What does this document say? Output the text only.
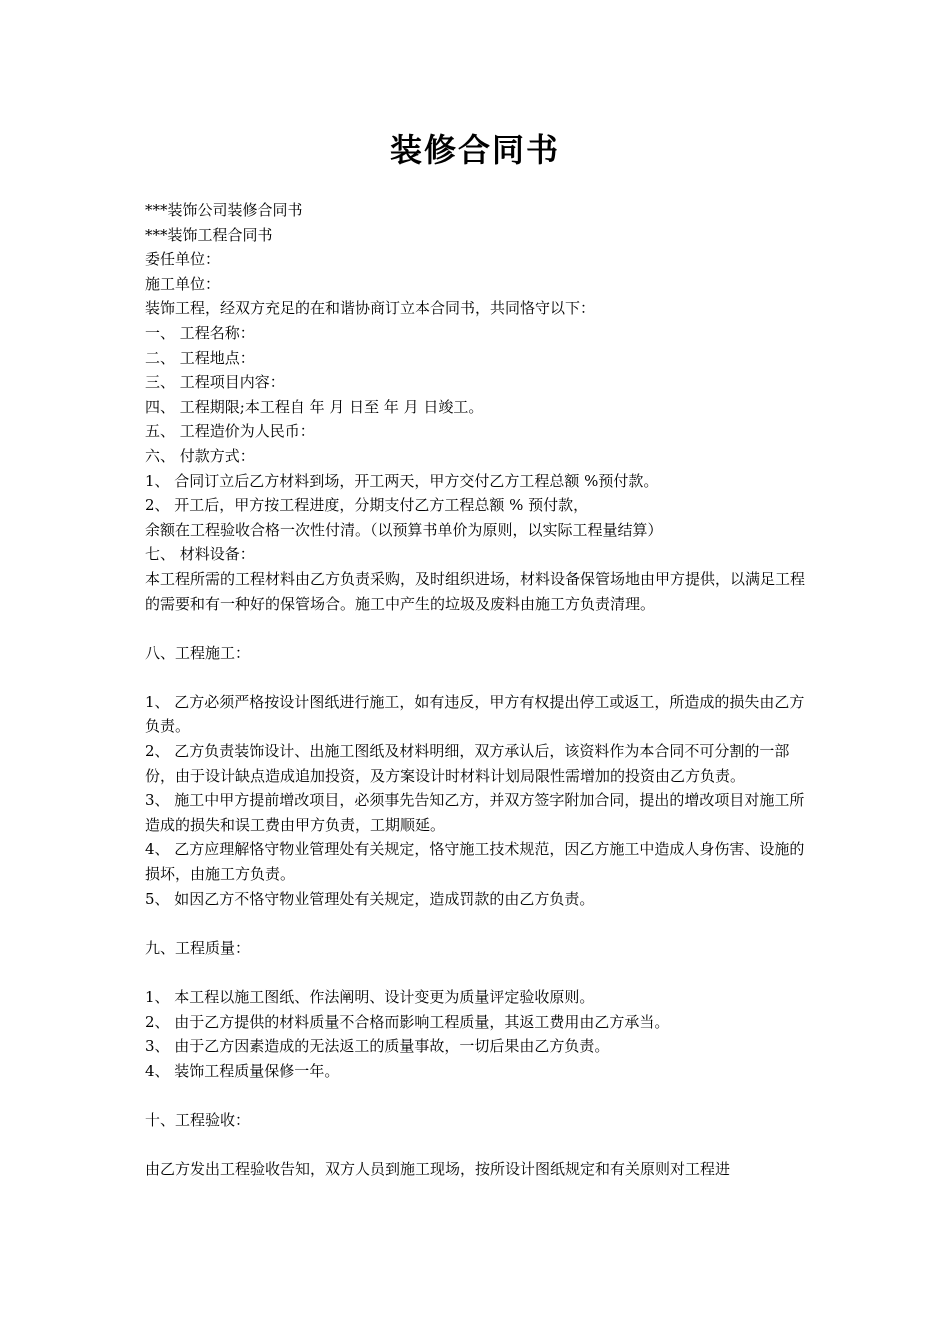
装修合同书

***装饰公司装修合同书

***装饰工程合同书

委任单位：

施工单位：

装饰工程，经双方充足的在和谐协商订立本合同书，共同恪守以下：

一、 工程名称：

二、 工程地点：

三、 工程项目内容：

四、 工程期限;本工程自 年 月 日至 年 月 日竣工。

五、 工程造价为人民币：

六、 付款方式：

1、 合同订立后乙方材料到场，开工两天，甲方交付乙方工程总额 %预付款。

2、 开工后，甲方按工程进度，分期支付乙方工程总额 % 预付款，

余额在工程验收合格一次性付清。（以预算书单价为原则，以实际工程量结算）

七、 材料设备：

本工程所需的工程材料由乙方负责采购，及时组织进场，材料设备保管场地由甲方提供，以满足工程的需要和有一种好的保管场合。施工中产生的垃圾及废料由施工方负责清理。

八、工程施工：

1、 乙方必须严格按设计图纸进行施工，如有违反，甲方有权提出停工或返工，所造成的损失由乙方负责。

2、 乙方负责装饰设计、出施工图纸及材料明细，双方承认后，该资料作为本合同不可分割的一部份，由于设计缺点造成追加投资，及方案设计时材料计划局限性需增加的投资由乙方负责。

3、 施工中甲方提前增改项目，必须事先告知乙方，并双方签字附加合同，提出的增改项目对施工所造成的损失和误工费由甲方负责，工期顺延。

4、 乙方应理解恪守物业管理处有关规定，恪守施工技术规范，因乙方施工中造成人身伤害、设施的损坏，由施工方负责。

5、 如因乙方不恪守物业管理处有关规定，造成罚款的由乙方负责。

九、工程质量：

1、 本工程以施工图纸、作法阐明、设计变更为质量评定验收原则。

2、 由于乙方提供的材料质量不合格而影响工程质量，其返工费用由乙方承当。

3、 由于乙方因素造成的无法返工的质量事故，一切后果由乙方负责。

4、 装饰工程质量保修一年。

十、工程验收：

由乙方发出工程验收告知，双方人员到施工现场，按所设计图纸规定和有关原则对工程进
